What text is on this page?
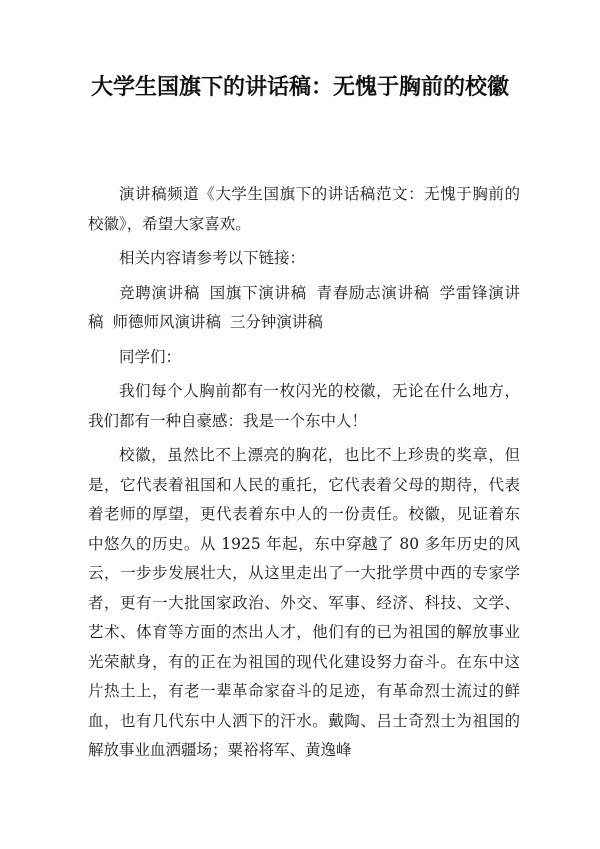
大学生国旗下的讲话稿：无愧于胸前的校徽

演讲稿频道《大学生国旗下的讲话稿范文：无愧于胸前的校徽》，希望大家喜欢。

相关内容请参考以下链接：

竞聘演讲稿 国旗下演讲稿 青春励志演讲稿 学雷锋演讲稿 师德师风演讲稿 三分钟演讲稿

同学们：

我们每个人胸前都有一枚闪光的校徽，无论在什么地方，我们都有一种自豪感：我是一个东中人！

校徽，虽然比不上漂亮的胸花，也比不上珍贵的奖章，但是，它代表着祖国和人民的重托，它代表着父母的期待，代表着老师的厚望，更代表着东中人的一份责任。校徽，见证着东中悠久的历史。从 1925 年起，东中穿越了 80 多年历史的风云，一步步发展壮大，从这里走出了一大批学贯中西的专家学者，更有一大批国家政治、外交、军事、经济、科技、文学、艺术、体育等方面的杰出人才，他们有的已为祖国的解放事业光荣献身，有的正在为祖国的现代化建设努力奋斗。在东中这片热土上，有老一辈革命家奋斗的足迹，有革命烈士流过的鲜血，也有几代东中人洒下的汗水。戴陶、吕士奇烈士为祖国的解放事业血洒疆场；粟裕将军、黄逸峰
